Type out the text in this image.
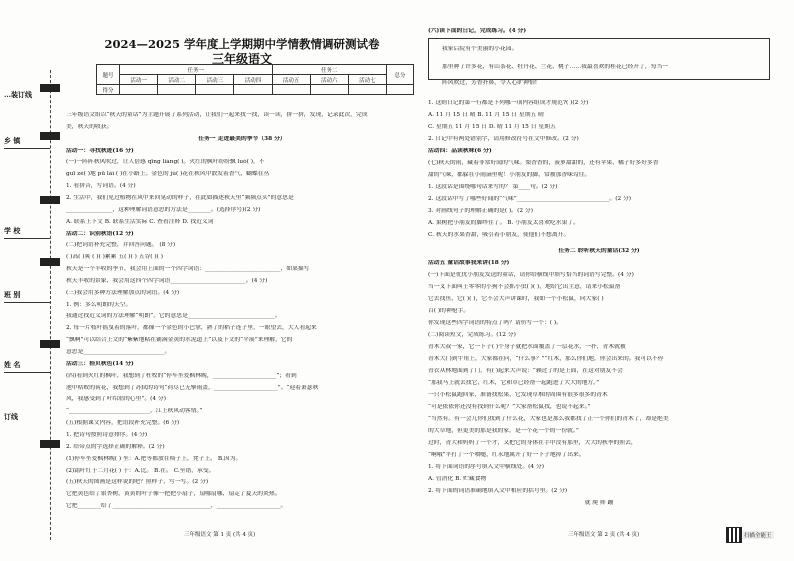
…装订线
乡 镇
学 校
班 别
姓 名
订线
2024—2025 学年度上学期期中学情教情调研测试卷
三年级语文
题号	任务一				任务二			总分
	活动一	活动二	活动三	活动四	活动五	活动六	活动七	
得分								
三年级语文组以“秋天的童话”为主题开展了系列活动，让我们一起来找一找，读一读，拼一拼，发现，记录此次，完成
美，秋天的收获。
任务一 走进最美的季节（38 分）
活动一：寻找秋迹(16 分)
(一)一阵阵秋风吹过，让人倍感 qīng liáng( )。火红的枫叶纷纷飘 luò( )，不
guī zé( )地 pū lái ( )在小路上。金色的 jú( )花在秋风中散发着香气，蝴蝶在丛
1. 看拼音，写词语。(4 分)
2. 生活中，我们见过植物在风中来回晃动的样子，在此如描述秋天里“频频点头”的意思是
________________，这种理解词语意思的方法是________。(选择序号)(2 分)
A. 联系上下文 B. 联系生活实际 C. 查看注释 D. 找近义词
活动二：识别秋语(12 分)
(二)把词语补充完整，并回答问题。 (8 分)
( )高( )爽 ( )( )累累 五( )( ) 五谷( )( )
秋天是一个丰收的季节，我会用上面的一个四字词语：__________________________，如果描写
秋天丰收的景象，我会用这四个四字词语__________________________。(4 分)
(三)我会用多种方法理解加点的词语。(4 分)
1. 例：多么明朗的天空。
我通过找近义词的方法理解“明朗”，它的意思是______________________________。
2. 每一片枝叶摇曳着的落叶，都像一个金色的小巴掌，熟了的稻子连子里，一眼望去，大人看起来
“飘啊”可以结合上文的“紫紫地粘在铺满金黄的水泥道上”以及下文的“平展”来理解，它的
意思是____________________________。
活动三：拾贝秋色(14 分)
(四)看到火红的枫叶，我想到了杜牧的“停车坐爱枫林晚，______________________”；看到
池中枯败的荷花，我想到了苏轼的诗句“荷尽已无擎雨盖，______________________”。“迎着萧瑟秋
风，我感受到了叶绍翁的心里”。(4 分)
“____________________________，江上秋风动客情。”
(五)根据课文内容，把语段补充完整。(6 分)
1. 把诗句按照诗意排序。(4 分)
2. 给带点的字选择正确的解释。(2 分)
(1)停车坐爱枫林晚( ) 坐：A.把等都放在椅子上，凳子上。 B.因为。
(2)霜叶红于二月花( ) 于：A.比。 B.在。 C.至错，承受。
(五)秋天的图画是这样说的吧？照样子，写一写。(2 分)
它把黄色给了银杏树，黄黄的叶子像一把把小扇子，扇哪扇哪，扇走了夏天的炎热。
它把________给了__________________________________，______________________。
三年级语文 第 1 页 (共 4 页)
(六)读下面的日记，完成练习。(4 分)
我家后院有个美丽的小花园。
那里种了许多花，有山茶花、牡丹花、兰花、桃子……我最喜欢的桂花已经开了，每当一
阵风吹过，芳香扑鼻，令人心旷神怡!
1. 这则日记的第一行都是下列哪一项内容组成才规范?( )(2 分)
A. 11 月 15 日 晴 B. 11 月 15 日 星期五 晴
C. 星期五 11 月 15 日 D. 晴 11 月 15 日 星期五
2. 日记中有两处错别字，请用修改符号在文中修改。(2 分)
活动四：品读秋味(6 分)
(七)秋天的雨，藏着非常好闻的气味。梨香香的，菠萝甜甜的，还有苹果、橘子好多好多香
甜的气味，都躲在小雨滴里呢！小朋友的脚，常被那香味勾住。
1. 这段话是围绕哪句话来写的？ 第____句。(2 分)
2. 这段话中写了哪些好闻的“气味”________________________________。(2 分)
3. 对画线句子的理解正确的是( )。(2 分)
A. 果树把小朋友的脚绊住了。 B. 小朋友太喜欢吃水果了。
C. 秋天的水果香甜，吸引着小朋友，使他们不想离开。
任务二 聆听秋天的童话(32 分)
活动五 童话故事我来讲(18 分)
(一)下面是优优小朋友发送的童话，请你给横线中填写恰当的词语写完整。(4 分)
当一叉下面叫王零零的小狗不会抓小虫( )( )，地给它出主意，请来小松鼠帮
它去找鱼，它( )( )，它不会大声讲课时，我如一个小松鼠，向大家( )
百( )的神枪手。
你发现这些四字词语的特点了吗？请仿写一个：( )。
(二)阅读短文，完成练习。(12 分)
青木大叔一家，它一下子( )个身子就把水面覆盖了一层花水，一扑，青木就被
青木大( )到牛角上，大家都在问，“什么事？”“红木，那么你们地，你会出来的。我可以不停
青衣从林地面到了门，有( )起来大声说：“赖过了的是上面，在这对朋友不会
“那我马上就去找它，红木，它和草已经帮一起跑进了大大的地方。”
一只小松鼠跑回家，准备找松果，它发现草堆的周围有很多很多的青木
“可是依依你还没有找到什么呢？”大家帮松鼠找，也说不起来。”
“当然有。有一会儿你们找到了什么花，大家也是那么我都找了正一个你们的青木了，却是绝美
的大草地，但更美的那是我的家，是一个花一个的一份就。”
过时，青大和妈妈了一个才，又把它的身体在手中没有那里，大大的秋季的照去，
“啊哦”平打了一个喷嚏，红永地属开了好一下子地掉了出来。
1. 将下面词语的序号填入文中横线处。(4 分)
A. 管消化 B. 贮藏食物
2. 将下面的词语准确地填入文中相应的括号里。(2 分)
就 爬 摔 蹦
三年级语文 第 2 页 (共 4 页)	扫描全能王
